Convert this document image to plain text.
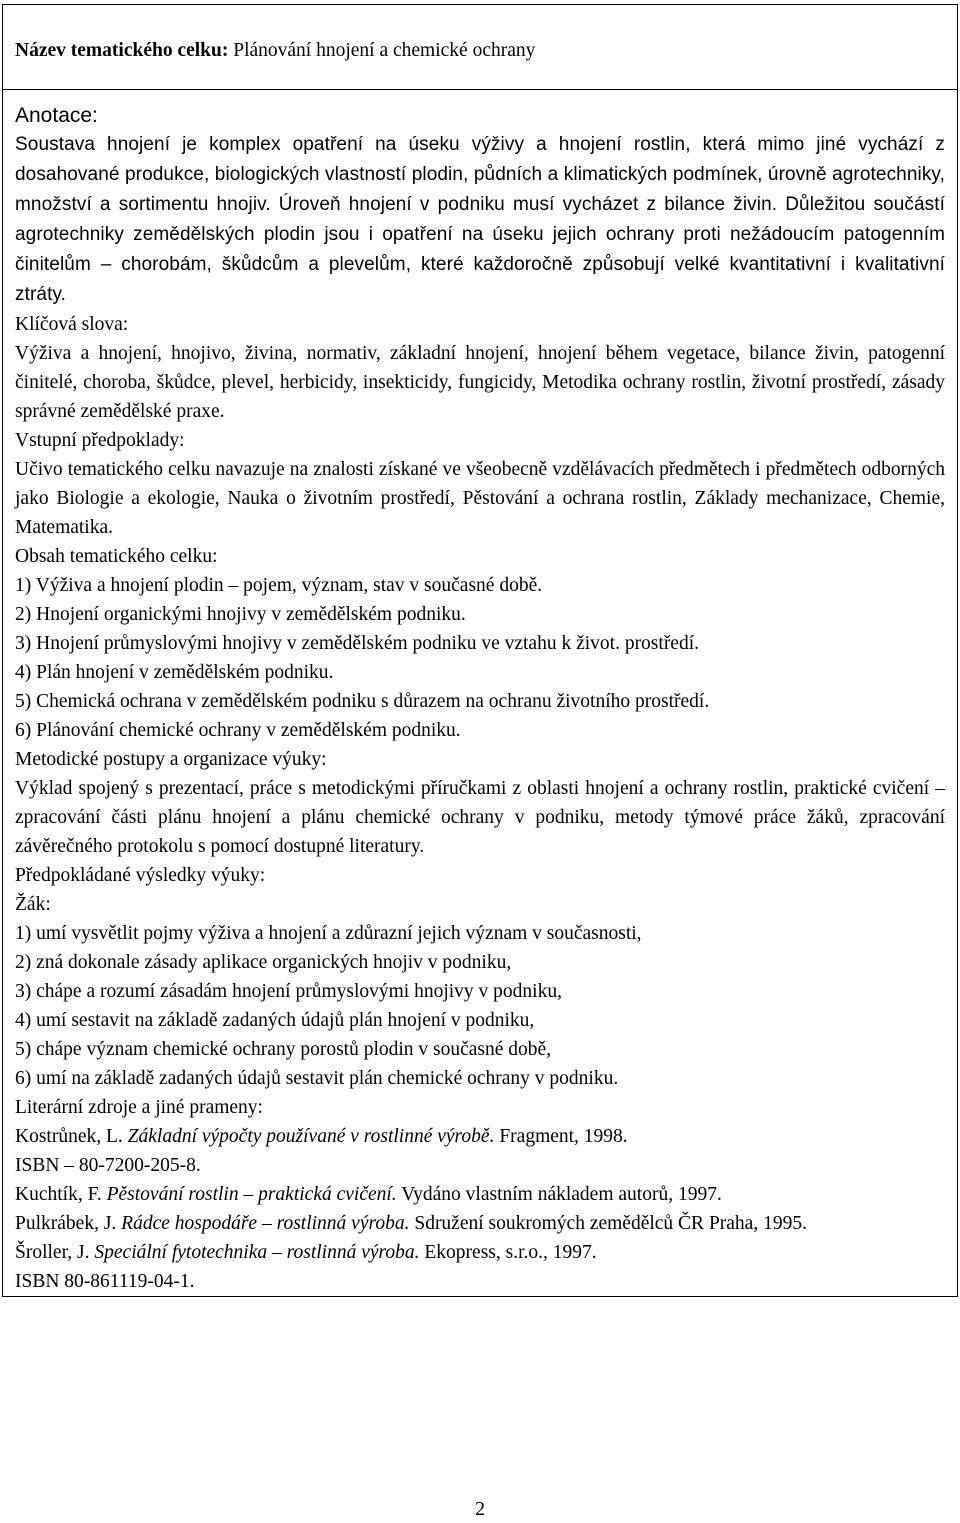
Název tematického celku: Plánování hnojení a chemické ochrany

Anotace:

Soustava hnojení je komplex opatření na úseku výživy a hnojení rostlin, která mimo jiné vychází z dosahované produkce, biologických vlastností plodin, půdních a klimatických podmínek, úrovně agrotechniky, množství a sortimentu hnojiv. Úroveň hnojení v podniku musí vycházet z bilance živin. Důležitou součástí agrotechniky zemědělských plodin jsou i opatření na úseku jejich ochrany proti nežádoucím patogenním činitelům – chorobám, škůdcům a plevelům, které každoročně způsobují velké kvantitativní i kvalitativní ztráty.

Klíčová slova:

Výživa a hnojení, hnojivo, živina, normativ, základní hnojení, hnojení během vegetace, bilance živin, patogenní činitelé, choroba, škůdce, plevel, herbicidy, insekticidy, fungicidy, Metodika ochrany rostlin, životní prostředí, zásady správné zemědělské praxe.

Vstupní předpoklady:

Učivo tematického celku navazuje na znalosti získané ve všeobecně vzdělávacích předmětech i předmětech odborných jako Biologie a ekologie, Nauka o životním prostředí, Pěstování a ochrana rostlin, Základy mechanizace, Chemie, Matematika.

Obsah tematického celku:

1) Výživa a hnojení plodin – pojem, význam, stav v současné době.

2) Hnojení organickými hnojivy v zemědělském podniku.

3) Hnojení průmyslovými hnojivy v zemědělském podniku ve vztahu k život. prostředí.

4) Plán hnojení v zemědělském podniku.

5) Chemická ochrana v zemědělském podniku s důrazem na ochranu životního prostředí.

6) Plánování chemické ochrany v zemědělském podniku.

Metodické postupy a organizace výuky:

Výklad spojený s prezentací, práce s metodickými příručkami z oblasti hnojení a ochrany rostlin, praktické cvičení – zpracování části plánu hnojení a plánu chemické ochrany v podniku, metody týmové práce žáků, zpracování závěrečného protokolu s pomocí dostupné literatury.

Předpokládané výsledky výuky:

Žák:

1) umí vysvětlit pojmy výživa a hnojení a zdůrazní jejich význam v současnosti,

2) zná dokonale zásady aplikace organických hnojiv v podniku,

3) chápe a rozumí zásadám hnojení průmyslovými hnojivy v podniku,

4) umí sestavit na základě zadaných údajů plán hnojení v podniku,

5) chápe význam chemické ochrany porostů plodin v současné době,

6) umí na základě zadaných údajů sestavit plán chemické ochrany v podniku.

Literární zdroje a jiné prameny:

Kostrůnek, L. Základní výpočty používané v rostlinné výrobě. Fragment, 1998.

ISBN – 80-7200-205-8.

Kuchtík, F. Pěstování rostlin – praktická cvičení. Vydáno vlastním nákladem autorů, 1997.

Pulkrábek, J. Rádce hospodáře – rostlinná výroba. Sdružení soukromých zemědělců ČR Praha, 1995.

Šroller, J. Speciální fytotechnika – rostlinná výroba. Ekopress, s.r.o., 1997.

ISBN 80-861119-04-1.

2
